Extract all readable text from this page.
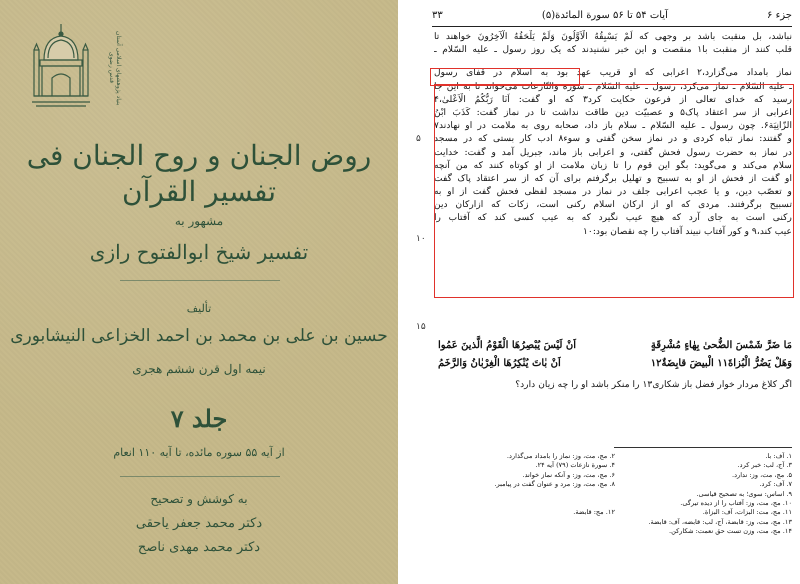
بنیاد پژوهشهای اسلامی آستان قدس رضوی
روض الجنان و روح الجنان فی تفسیر القرآن
مشهور به
تفسیر شیخ ابوالفتوح رازی
تألیف
حسین بن علی بن محمد بن احمد الخزاعی النیشابوری
نیمه اول قرن ششم هجری
جلد ۷
از آیه ۵۵ سوره مائده، تا آیه ۱۱۰ انعام
به کوشش و تصحیح
دکتر محمد جعفر یاحقی
دکتر محمد مهدی ناصح
جزء ۶
آیات ۵۴ تا ۵۶ سورة المائدة(۵)
۳۳
۵
۱۰
۱۵
نباشد، بل منقبت باشد بر وجهی که لَمْ یَسْبِقُهُ الْاَوَّلُونَ وَلَمْ یَلْحَقُهُ الْآخِرُونَ خواهند تا
قلب کنند از منقبت با۱ منقصت و این خبر نشنیدند که یک روز رسول ـ علیه السّلام ـ
نماز بامداد می‌گزارد،۲ اعرابی که او قریب عهد بود به اسلام در قفای رسول
ـ علیه السّلام ـ نماز می‌کرد، رسول ـ علیه السّلام ـ سورة والنّازعات می‌خواند تا به این جا
رسید که خدای تعالی از فرعون حکایت کرد۳ که او گفت: اَنَا رَبُّکُمُ الْاَعْلیٰ،۴
اعرابی از سر اعتقاد پاک۵ و عصبیّت دین طاقت نداشت تا در نماز گفت: کَذَبَ ابْنُ
الزّانِیَة۶. چون رسول ـ علیه السّلام ـ سلام باز داد، صحابه روی به ملامت در او نهادند۷
و گفتند: نماز تباه کردی و در نماز سخن گفتی و سوء۸ ادب کار بستی که در مسجد
در نماز به حضرت رسول فحش گفتی، و اعرابی باز ماند، جبریل آمد و گفت: خدایت
سلام می‌کند و می‌گوید: بگو این قوم را تا زبان ملامت از او کوتاه کنند که من آنچه
او گفت از فحش از او به تسبیح و تهلیل برگرفتم برای آن که از سر اعتقاد پاک گفت
و تعصّب دین، و یا عجب اعرابی جلف در نماز در مسجد لفظی فحش گفت از او به
تسبیح برگرفتند. مردی که او از ارکان اسلام رکنی است، زکات که ازارکان دین
رکنی است به جای آرد که هیچ عیب نگیرد که به عیب کسی کند که آفتاب را
عیب کند،۹ و کور آفتاب نبیند آفتاب را چه نقصان بود:۱۰
مَا ضَرَّ شَمْسَ الضُّحیٰ بِهٰاءٍ مُشْرِقَةٍ
اَنْ لَیْسَ یُبْصِرُهَا الْقَوْمُ الَّذینَ عَمُوا
وَهَلْ یَضُرُّ الْبُزاةَ۱۱ الْبیضَ قابِضَةٌ۱۲
اَنْ بٰاتَ یُنْکِرُهَا الْغِرْبٰانُ وَالرَّخَمُ
اگر کلاغ مردار خوار فضل باز شکاری۱۳ را منکر باشد او را چه زیان دارد؟
۱. آف: با.
۲. مج، مت، وز: نماز را بامداد می‌گذارد.
۳. آج، لب: خبر کرد.
۴. سورة نازعات (۷۹) آیه ۲۴.
۵. مج، مت، وز: ندارد.
۶. مج، مت، وز: و آنکه نماز خواند.
۷. آف: کرد.
۸. مج، مت، وز: مرد و عنوان گفت در پیامبر.
۹. اساس: سوی؛ به تصحیح قیاسی.
۱۰. مج، مت، وز: آفتاب را از دیده تیرگی.
۱۱. مج، مت: البزات، آف: البزاة.
۱۲. مج: قابضة.
۱۳. مج، مت، وز: قابضة، آج، لب: قابضه، آف: قابضة.
۱۴. مج، مت، وزن تست حق نعمت: شکارکن.
